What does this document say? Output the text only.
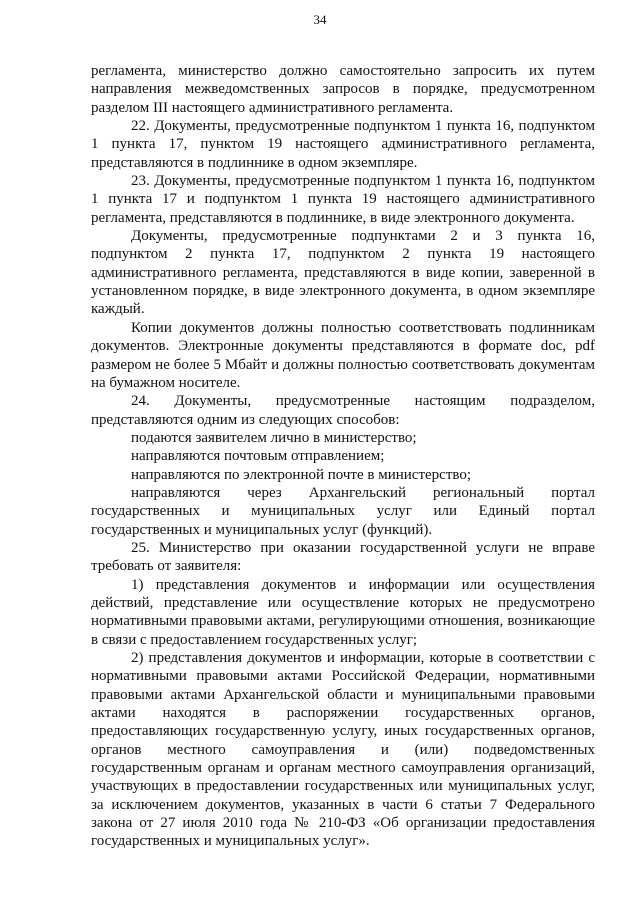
34

регламента, министерство должно самостоятельно запросить их путем направления межведомственных запросов в порядке, предусмотренном разделом III настоящего административного регламента.

22. Документы, предусмотренные подпунктом 1 пункта 16, подпунктом 1 пункта 17, пунктом 19 настоящего административного регламента, представляются в подлиннике в одном экземпляре.

23. Документы, предусмотренные подпунктом 1 пункта 16, подпунктом 1 пункта 17 и подпунктом 1 пункта 19 настоящего административного регламента, представляются в подлиннике, в виде электронного документа.

Документы, предусмотренные подпунктами 2 и 3 пункта 16, подпунктом 2 пункта 17, подпунктом 2 пункта 19 настоящего административного регламента, представляются в виде копии, заверенной в установленном порядке, в виде электронного документа, в одном экземпляре каждый.

Копии документов должны полностью соответствовать подлинникам документов. Электронные документы представляются в формате doc, pdf размером не более 5 Мбайт и должны полностью соответствовать документам на бумажном носителе.

24. Документы, предусмотренные настоящим подразделом, представляются одним из следующих способов:

подаются заявителем лично в министерство;

направляются почтовым отправлением;

направляются по электронной почте в министерство;

направляются через Архангельский региональный портал государственных и муниципальных услуг или Единый портал государственных и муниципальных услуг (функций).

25. Министерство при оказании государственной услуги не вправе требовать от заявителя:

1) представления документов и информации или осуществления действий, представление или осуществление которых не предусмотрено нормативными правовыми актами, регулирующими отношения, возникающие в связи с предоставлением государственных услуг;

2) представления документов и информации, которые в соответствии с нормативными правовыми актами Российской Федерации, нормативными правовыми актами Архангельской области и муниципальными правовыми актами находятся в распоряжении государственных органов, предоставляющих государственную услугу, иных государственных органов, органов местного самоуправления и (или) подведомственных государственным органам и органам местного самоуправления организаций, участвующих в предоставлении государственных или муниципальных услуг, за исключением документов, указанных в части 6 статьи 7 Федерального закона от 27 июля 2010 года № 210-ФЗ «Об организации предоставления государственных и муниципальных услуг».
